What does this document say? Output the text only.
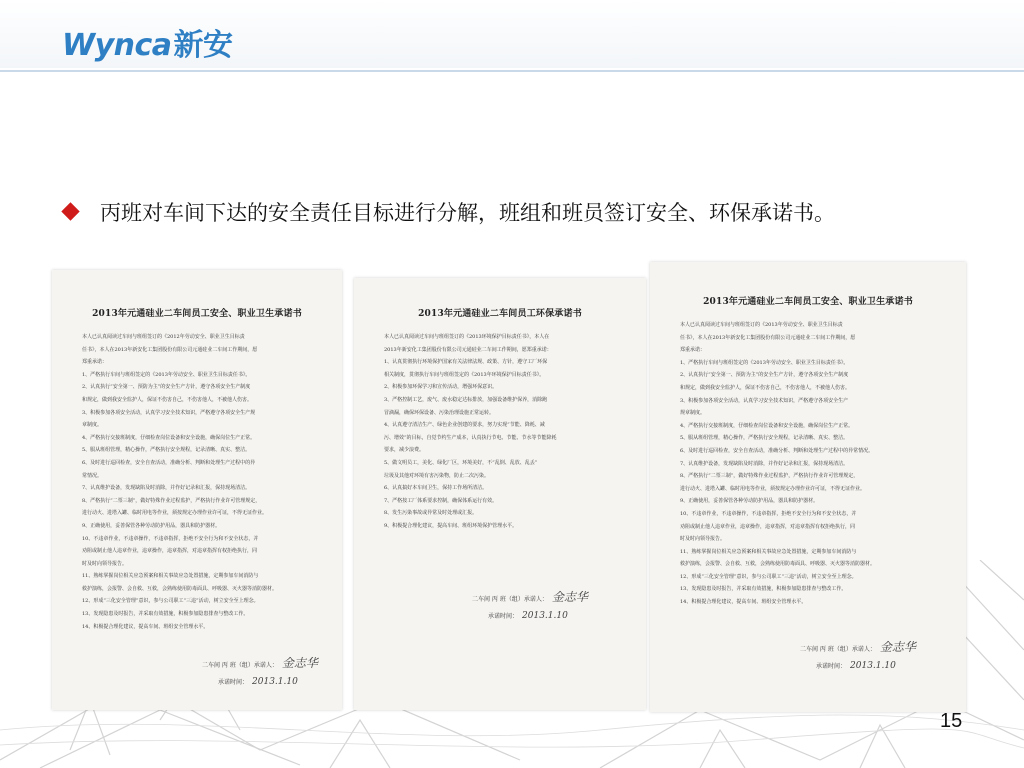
Wynca新安
丙班对车间下达的安全责任目标进行分解，班组和班员签订安全、环保承诺书。
2013年元通硅业二车间员工安全、职业卫生承诺书

本人已认真阅读过车间与班组签订的《2012年劳动安全、职业卫生目标责

任书》，本人在2013年新安化工集团股份有限公司元通硅业二车间工作期间，愿

郑重承诺：

1、严格执行车间与班组签定的《2013年劳动安全、职业卫生目标责任书》。

2、认真执行“安全第一、预防为主”的安全生产方针，遵守各项安全生产制度

和规定，做到我安全监护人，保证不伤害自己，不伤害他人，不被他人伤害。

3、积极参加各项安全活动，认真学习安全技术知识，严格遵守各项安全生产规

章制度。

4、严格执行交接班制度，仔细检查岗位设备和安全设施，确保岗位生产正常。

5、服从班组管理，精心操作，严格执行安全规程，记录清晰、真实、整洁。

6、及时进行巡回检查，安全自查活动，准确分析、判断和处理生产过程中的异

常情况。

7、认真维护设备，发现缺陷及时消除，并作好记录和汇报，保持现场清洁。

8、严格执行“二票三制”，做好特殊作业过程监护，严格执行作业许可管理规定，

进行动火、进塔入罐、临时用电等作业，须按规定办理作业许可证，不得无证作业。

9、正确使用，妥善保管各种劳动防护用品，器具和防护器材。

10、不违章作业，不违章操作，不违章指挥，拒绝不安全行为和不安全状态，并

劝阻或制止他人违章作业，违章操作，违章指挥，对违章指挥有权拒绝执行，同

时及时向领导报告。

11、熟练掌握岗位相关应急预案和相关事故应急处置措施，定期参加车间消防与

救护演练，会报警、会自救、互救，会熟练使用防毒面具、呼吸器、灭火器等消防器材。

12、形成“三化安全管理”意识，参与公司职工“三违”活动，树立安全至上理念。

13、发现隐患及时报告，并采取有效措施，积极参加隐患排查与整改工作。

14、积极提合理化建议，提高车间、班组安全管理水平。

二车间 丙 班（组）承诺人： 金志华
承诺时间： 2013.1.10
2013年元通硅业二车间员工环保承诺书

本人已认真阅读过车间与班组签订的《2013环境保护目标责任书》，本人在

2013年新安化工集团股份有限公司元通硅业二车间工作期间，愿郑重承诺：

1、认真贯彻执行环境保护国家有关法律法规、政策、方针，遵守工厂环保

相关制度，贯彻执行车间与班组签定的《2013年环境保护目标责任书》。

2、积极参加环保学习和宣传活动，增强环保意识。

3、严格控制工艺，废气、废水稳定达标排放，加强设备维护保养，消除跑

冒滴漏，确保环保设备、污染治理设施正常运转。

4、认真遵守清洁生产、绿色企业创建的要求，努力实现“节能、降耗、减

污、增效”的目标，自觉节约生产成本，认真执行节电、节能、节水等节能降耗

要求，减少浪费。

5、做文明员工，美化、绿化厂区，环境美好，不“乱倒、乱放、乱丢”

垃圾及其他对环境有害污染物，防止二次污染。

6、认真搞好本车间卫生，保持工作场所清洁。

7、严格按工厂体系要求控制，确保体系运行有效。

8、发生污染事故或异常及时处理或汇报。

9、积极提合理化建议，提高车间、班组环境保护管理水平。

二车间 丙 班（组）承诺人： 金志华
承诺时间： 2013.1.10
2013年元通硅业二车间员工安全、职业卫生承诺书

本人已认真阅读过车间与班组签订的《2013年劳动安全、职业卫生目标责

任书》，本人在2013年新安化工集团股份有限公司元通硅业二车间工作期间，愿

郑重承诺：

1、严格执行车间与班组签定的《2013年劳动安全、职业卫生目标责任书》。

2、认真执行“安全第一、预防为主”的安全生产方针，遵守各项安全生产制度

和规定，做到我安全监护人，保证不伤害自己，不伤害他人，不被他人伤害。

3、积极参加各项安全活动，认真学习安全技术知识，严格遵守各项安全生产

规章制度。

4、严格执行交接班制度，仔细检查岗位设备和安全设施，确保岗位生产正常。

5、服从班组管理，精心操作，严格执行安全规程，记录清晰、真实、整洁。

6、及时进行巡回检查，安全自查活动，准确分析、判断和处理生产过程中的异常情况。

7、认真维护设备，发现缺陷及时消除，并作好记录和汇报，保持现场清洁。

8、严格执行“二票三制”，做好特殊作业过程监护，严格执行作业许可管理规定，

进行动火、进塔入罐、临时用电等作业，须按规定办理作业许可证，不得无证作业。

9、正确使用，妥善保管各种劳动防护用品，器具和防护器材。

10、不违章作业，不违章操作，不违章指挥，拒绝不安全行为和不安全状态，并

劝阻或制止他人违章作业，违章操作，违章指挥，对违章指挥有权拒绝执行，同

时及时向领导报告。

11、熟练掌握岗位相关应急预案和相关事故应急处置措施，定期参加车间消防与

救护演练，会报警、会自救、互救，会熟练使用防毒面具、呼吸器、灭火器等消防器材。

12、形成“三化安全管理”意识，参与公司职工“三违”活动，树立安全至上理念。

13、发现隐患及时报告，并采取有效措施，积极参加隐患排查与整改工作。

14、积极提合理化建议，提高车间、班组安全管理水平。

二车间 丙 班（组）承诺人： 金志华
承诺时间： 2013.1.10
15
